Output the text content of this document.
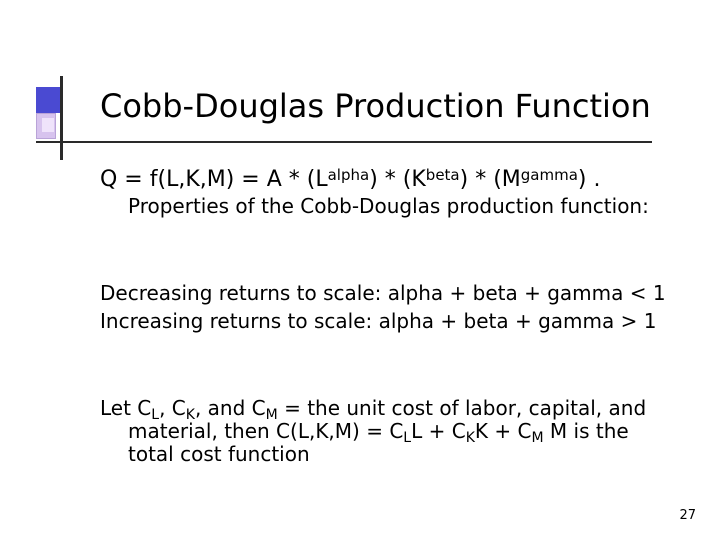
Cobb-Douglas Production Function
$Q = f(L,K,M) = A * (L^{alpha}) * (K^{beta}) * (M^{gamma})$ .
Properties of the Cobb-Douglas production function:
Decreasing returns to scale: alpha + beta + gamma < 1
Increasing returns to scale: alpha + beta + gamma > 1
Let $C_L$, $C_K$, and $C_M$ = the unit cost of labor, capital, and
material, then $C(L,K,M) = C_LL + C_KK + C_M$ M is the
total cost function
27
